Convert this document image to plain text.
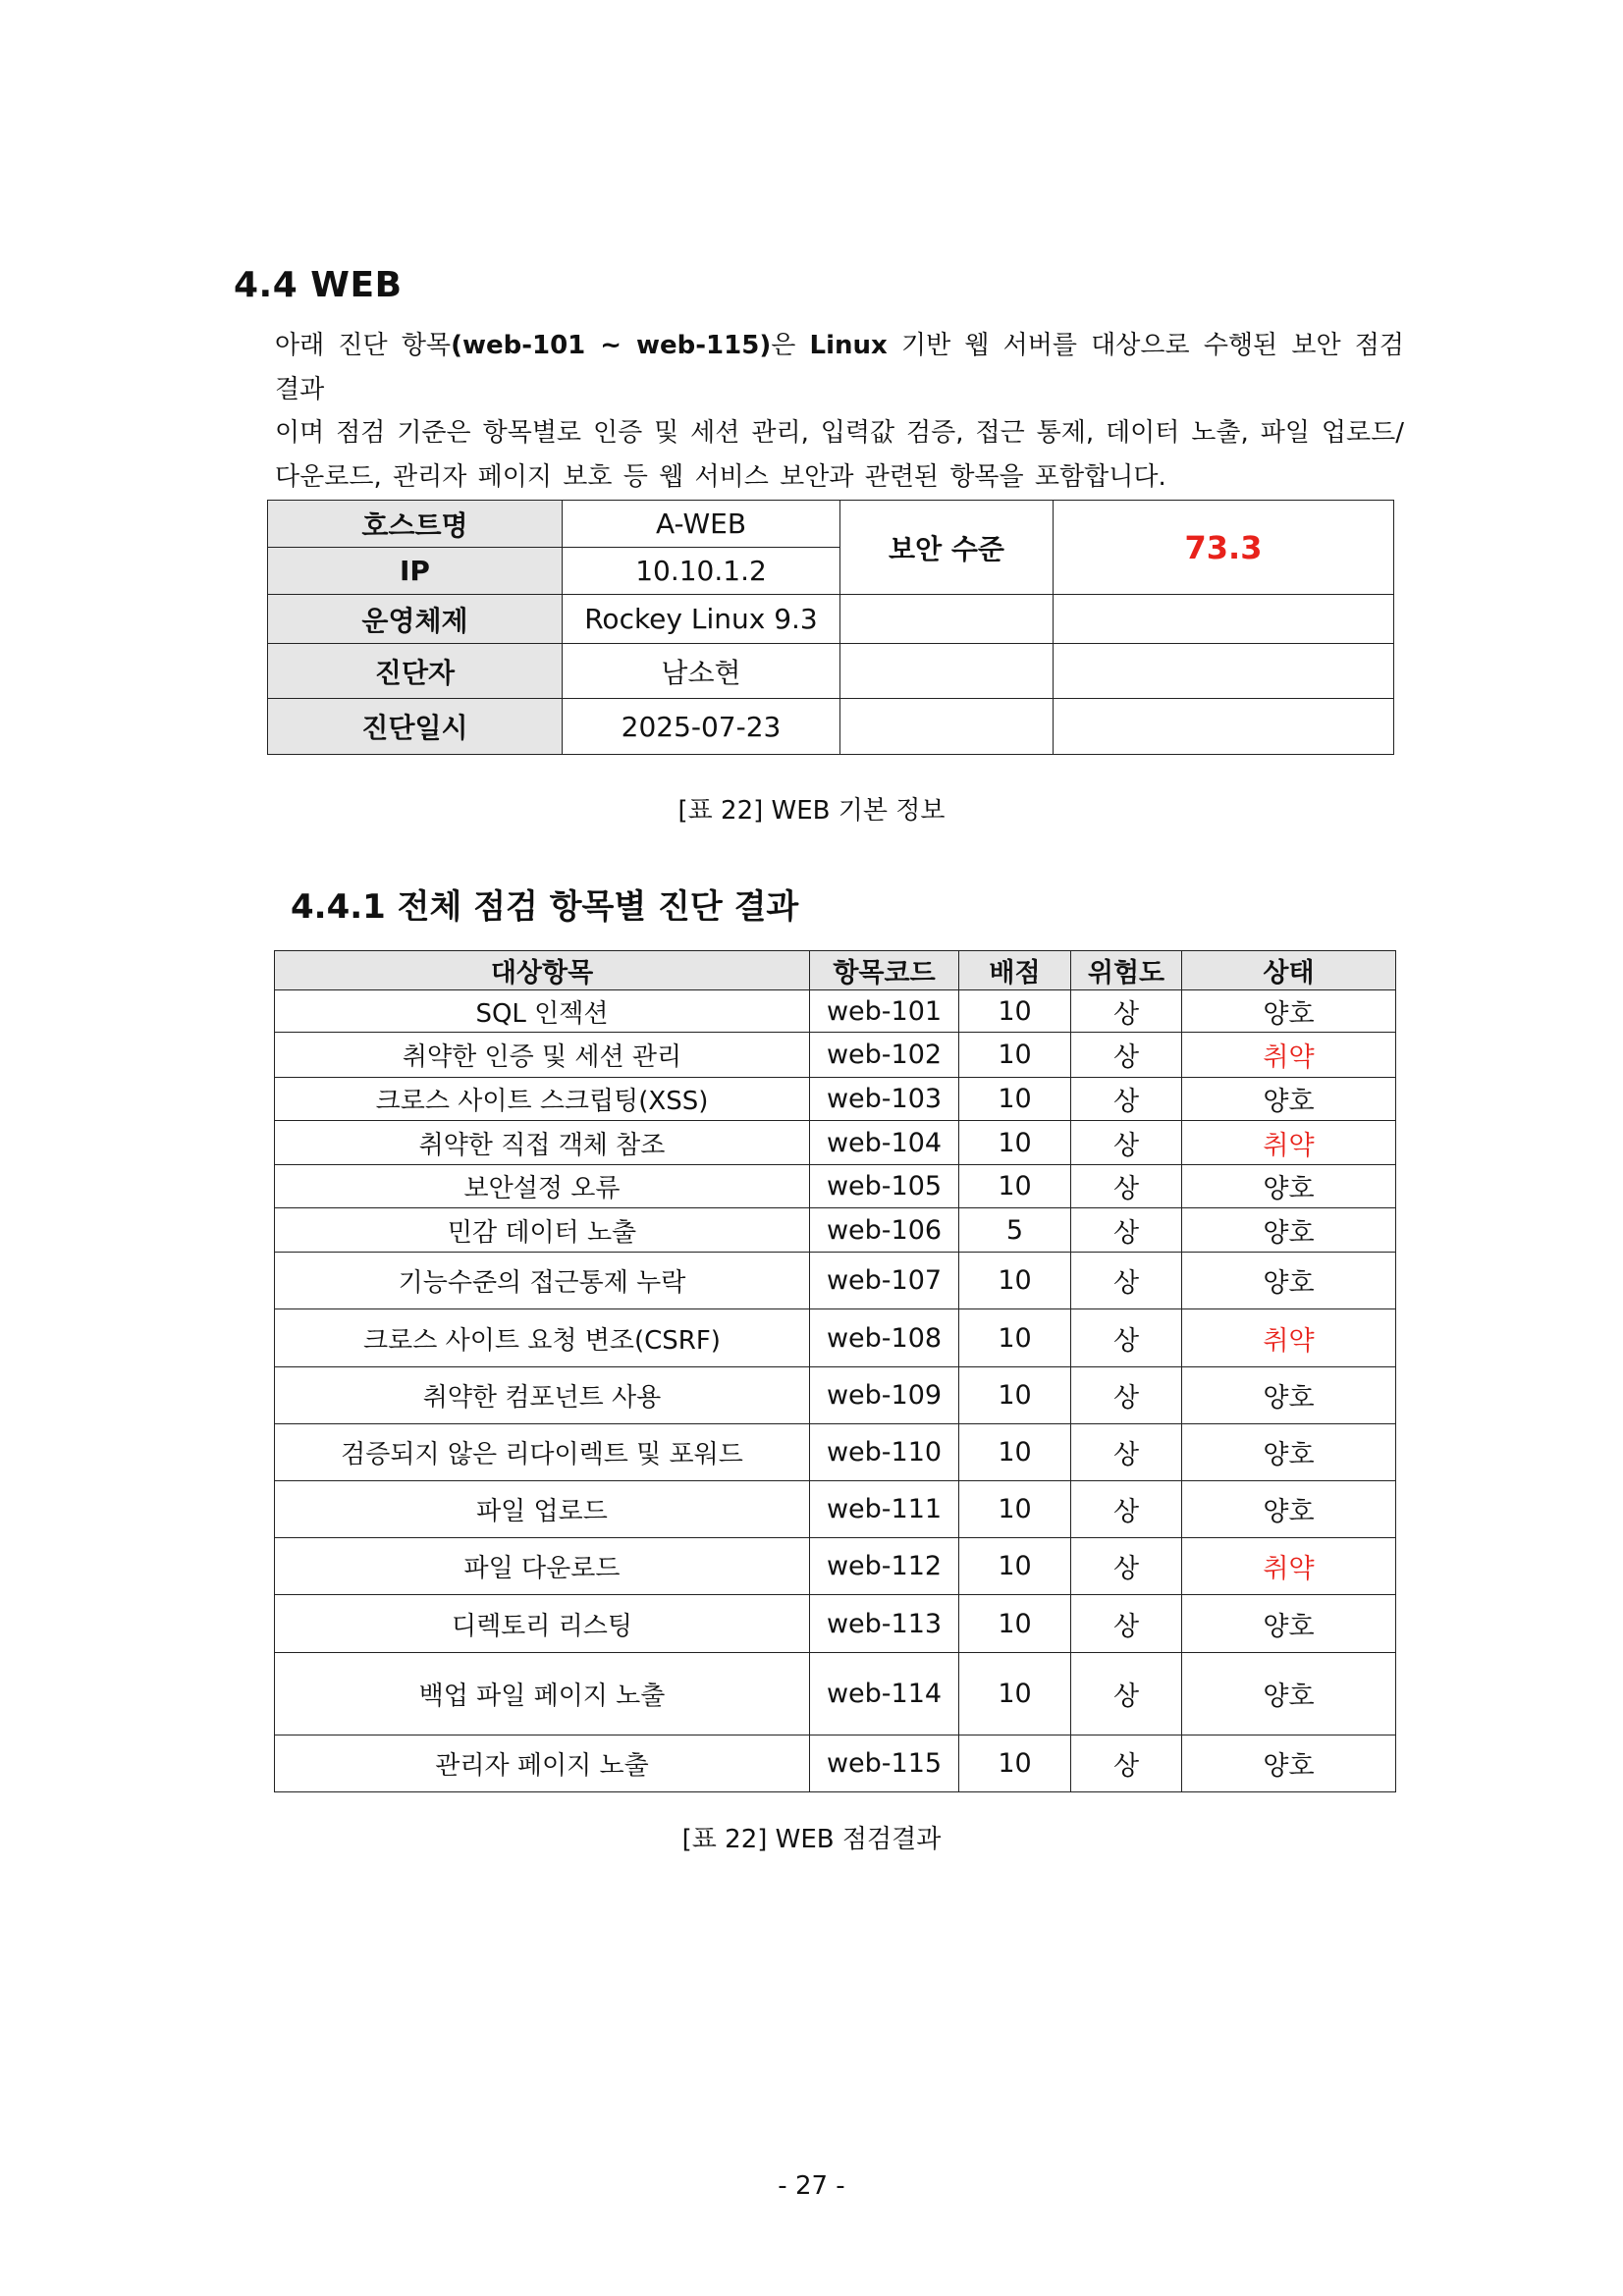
4.4 WEB

아래 진단 항목(web-101 ~ web-115)은 Linux 기반 웹 서버를 대상으로 수행된 보안 점검 결과

이며 점검 기준은 항목별로 인증 및 세션 관리, 입력값 검증, 접근 통제, 데이터 노출, 파일 업로드/

다운로드, 관리자 페이지 보호 등 웹 서비스 보안과 관련된 항목을 포함합니다.

호스트명	A-WEB	보안 수준	73.3
IP	10.10.1.2		
운영체제	Rockey Linux 9.3		
진단자	남소현		
진단일시	2025-07-23		
[표 22] WEB 기본 정보
4.4.1 전체 점검 항목별 진단 결과
대상항목	항목코드	배점	위험도	상태
SQL 인젝션	web-101	10	상	양호
취약한 인증 및 세션 관리	web-102	10	상	취약
크로스 사이트 스크립팅(XSS)	web-103	10	상	양호
취약한 직접 객체 참조	web-104	10	상	취약
보안설정 오류	web-105	10	상	양호
민감 데이터 노출	web-106	5	상	양호
기능수준의 접근통제 누락	web-107	10	상	양호
크로스 사이트 요청 변조(CSRF)	web-108	10	상	취약
취약한 컴포넌트 사용	web-109	10	상	양호
검증되지 않은 리다이렉트 및 포워드	web-110	10	상	양호
파일 업로드	web-111	10	상	양호
파일 다운로드	web-112	10	상	취약
디렉토리 리스팅	web-113	10	상	양호
백업 파일 페이지 노출	web-114	10	상	양호
관리자 페이지 노출	web-115	10	상	양호
[표 22] WEB 점검결과
- 27 -
